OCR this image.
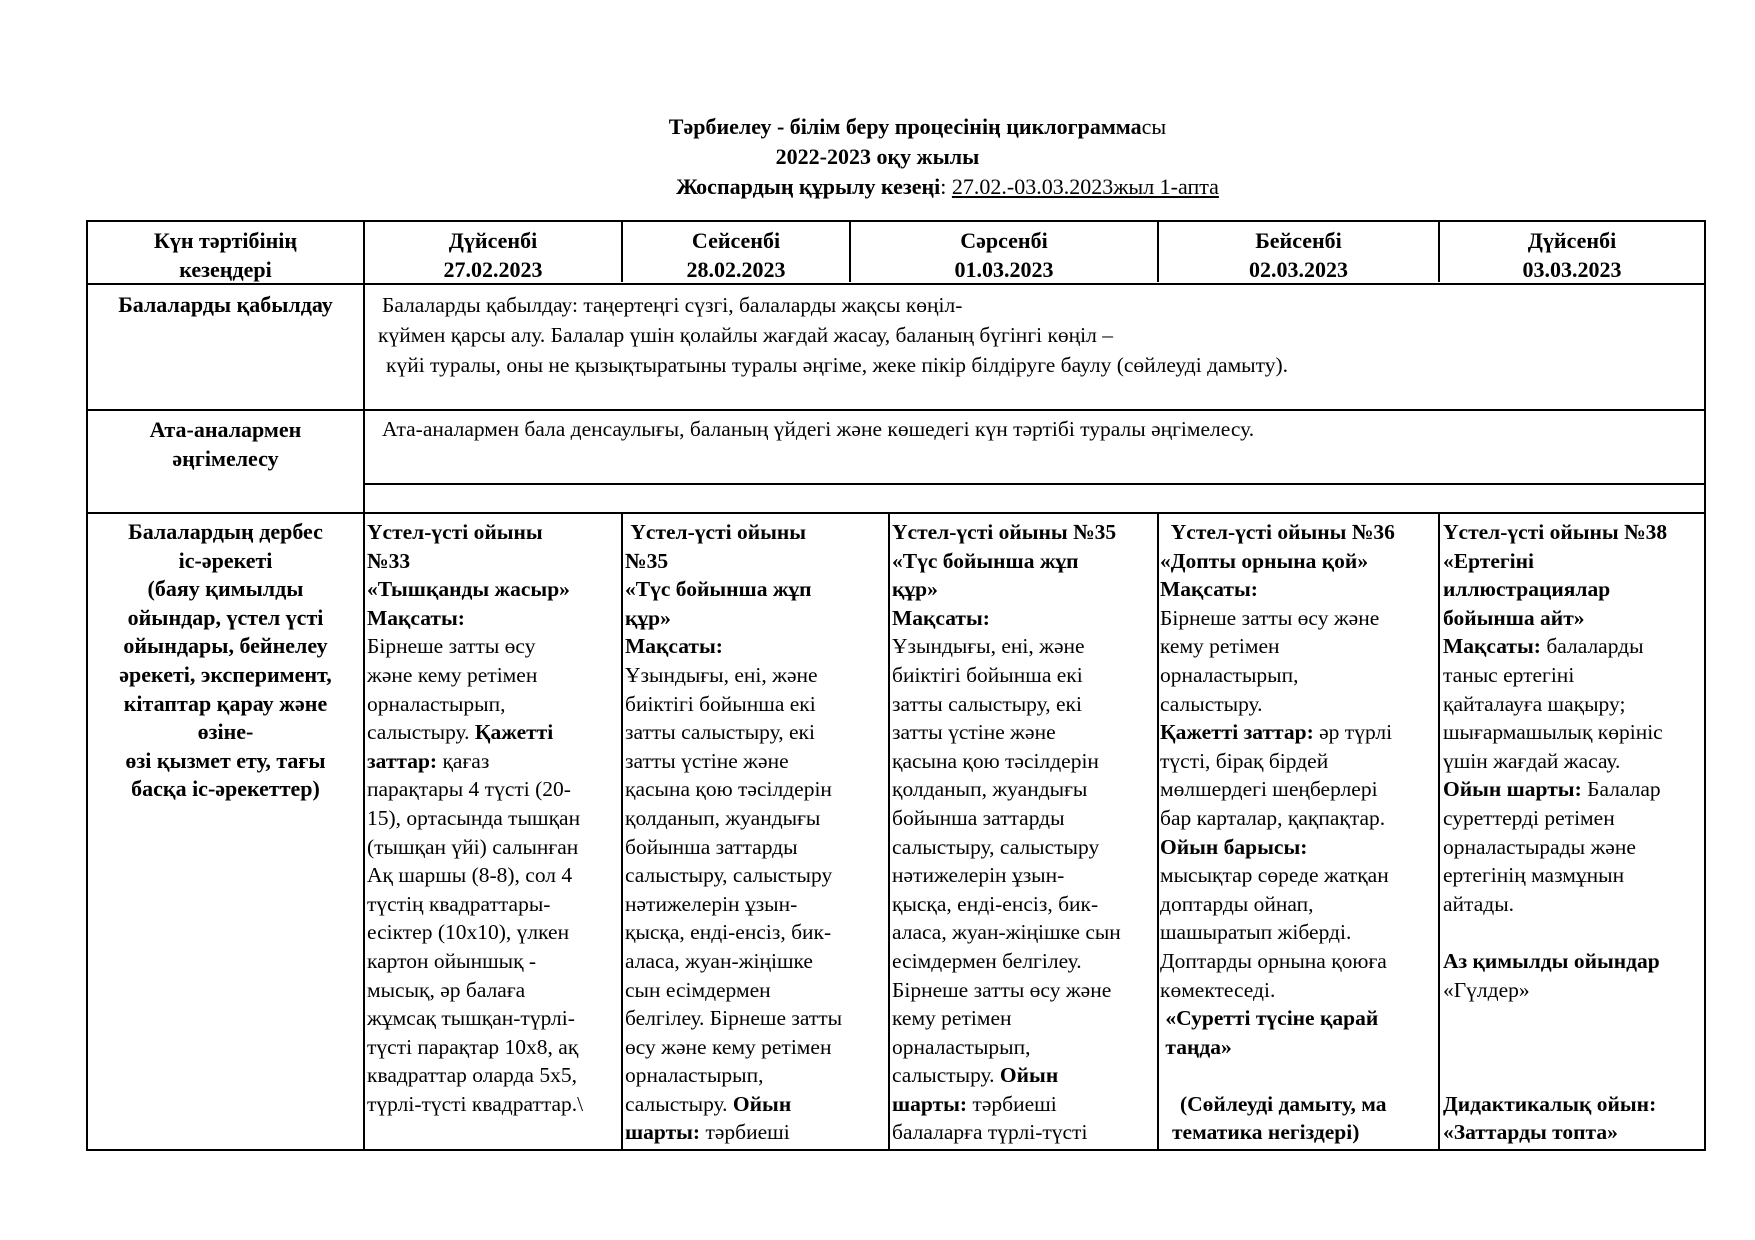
Тәрбиелеу - білім беру процесінің циклограммасы
2022-2023 оқу жылы
Жоспардың құрылу кезеңі: 27.02.-03.03.2023жыл 1-апта
Күн тәртібінің
кезеңдері
Дүйсенбі
27.02.2023
Сейсенбі
28.02.2023
Сәрсенбі
01.03.2023
Бейсенбі
02.03.2023
Дүйсенбі
03.03.2023
Балаларды қабылдау	Балаларды қабылдау: таңертеңгі сүзгі, балаларды жақсы көңіл-
күймен қарсы алу. Балалар үшін қолайлы жағдай жасау, баланың бүгінгі көңіл –
күйі туралы, оны не қызықтыратыны туралы әңгіме, жеке пікір білдіруге баулу (сөйлеуді дамыту).
Ата-аналармен
әңгімелесу
Ата-аналармен бала денсаулығы, баланың үйдегі және көшедегі күн тәртібі туралы әңгімелесу.
Балалардың дербес
іс-әрекеті
(баяу қимылды
ойындар, үстел үсті
ойындары, бейнелеу
әрекеті, эксперимент,
кітаптар қарау және
өзіне-
өзі қызмет ету, тағы
басқа іс-әрекеттер)
Үстел-үсті ойыны
№33
«Тышқанды жасыр»
Мақсаты:
Бірнеше затты өсу
және кему ретімен
орналастырып,
салыстыру. Қажетті
заттар: қағаз
парақтары 4 түсті (20-
15), ортасында тышқан
(тышқан үйі) салынған
Ақ шаршы (8-8), сол 4
түстің квадраттары-
есіктер (10х10), үлкен
картон ойыншық -
мысық, әр балаға
жұмсақ тышқан-түрлі-
түсті парақтар 10х8, ақ
квадраттар оларда 5х5,
түрлі-түсті квадраттар.\
Үстел-үсті ойыны
№35
«Түс бойынша жұп
құр»
Мақсаты:
Ұзындығы, ені, және
биіктігі бойынша екі
затты салыстыру, екі
затты үстіне және
қасына қою тәсілдерін
қолданып, жуандығы
бойынша заттарды
салыстыру, салыстыру
нәтижелерін ұзын-
қысқа, енді-енсіз, бик-
аласа, жуан-жіңішке
сын есімдермен
белгілеу. Бірнеше затты
өсу және кему ретімен
орналастырып,
салыстыру. Ойын
шарты: тәрбиеші
Үстел-үсті ойыны №35
«Түс бойынша жұп
құр»
Мақсаты:
Ұзындығы, ені, және
биіктігі бойынша екі
затты салыстыру, екі
затты үстіне және
қасына қою тәсілдерін
қолданып, жуандығы
бойынша заттарды
салыстыру, салыстыру
нәтижелерін ұзын-
қысқа, енді-енсіз, бик-
аласа, жуан-жіңішке сын
есімдермен белгілеу.
Бірнеше затты өсу және
кему ретімен
орналастырып,
салыстыру. Ойын
шарты: тәрбиеші
балаларға түрлі-түсті
Үстел-үсті ойыны №36
«Допты орнына қой»
Мақсаты:
Бірнеше затты өсу және
кему ретімен
орналастырып,
салыстыру.
Қажетті заттар: әр түрлі
түсті, бірақ бірдей
мөлшердегі шеңберлері
бар карталар, қақпақтар.
Ойын барысы:
мысықтар сөреде жатқан
доптарды ойнап,
шашыратып жіберді.
Доптарды орнына қоюға
көмектеседі.
«Суретті түсіне қарай
таңда»

(Сөйлеуді дамыту, ма
тематика негіздері)
Үстел-үсті ойыны №38
«Ертегіні
иллюстрациялар
бойынша айт»
Мақсаты: балаларды
таныс ертегіні
қайталауға шақыру;
шығармашылық көрініс
үшін жағдай жасау.
Ойын шарты: Балалар
суреттерді ретімен
орналастырады және
ертегінің мазмұнын
айтады.

Аз қимылды ойындар
«Гүлдер»

Дидактикалық ойын:
«Заттарды топта»
